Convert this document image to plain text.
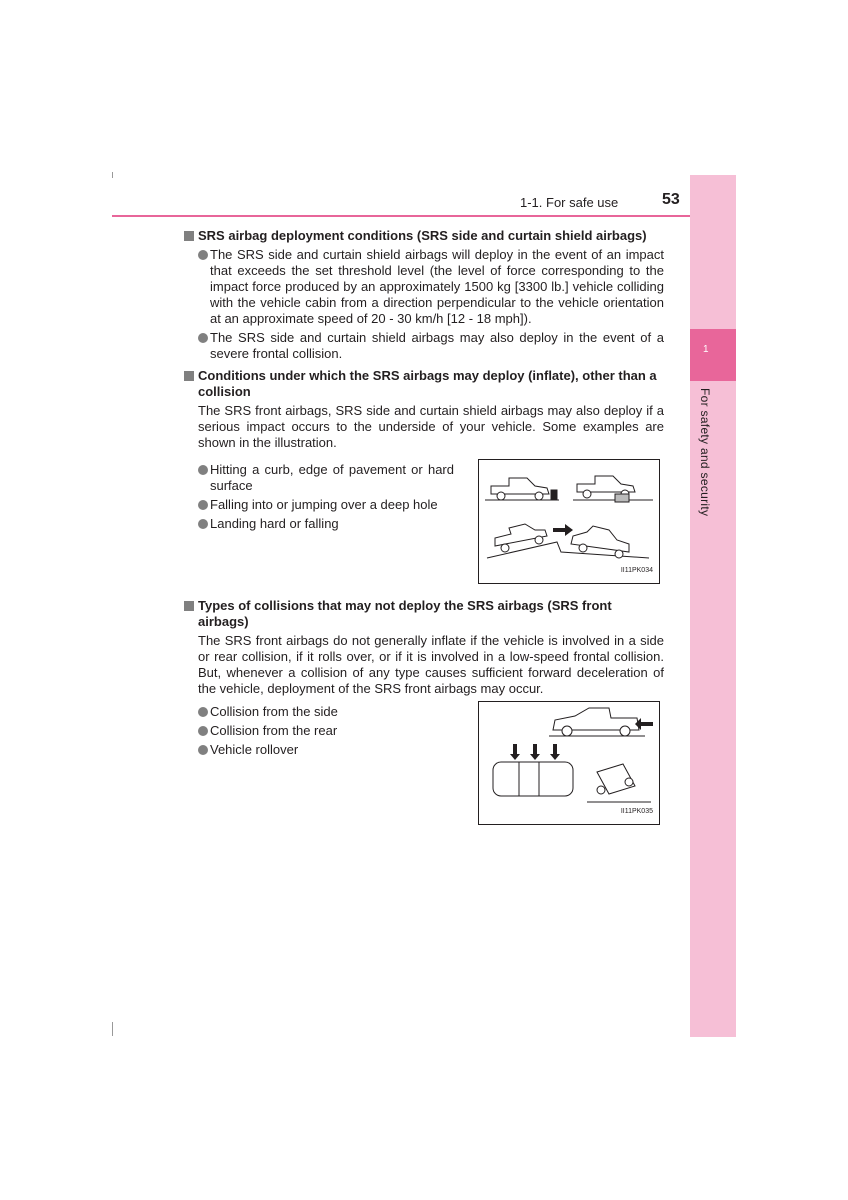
1
For safety and security
1-1. For safe use	53
SRS airbag deployment conditions (SRS side and curtain shield airbags)
The SRS side and curtain shield airbags will deploy in the event of an impact that exceeds the set threshold level (the level of force corresponding to the impact force produced by an approximately 1500 kg [3300 lb.] vehicle colliding with the vehicle cabin from a direction perpendicular to the vehicle orientation at an approximate speed of 20 - 30 km/h [12 - 18 mph]).
The SRS side and curtain shield airbags may also deploy in the event of a severe frontal collision.
Conditions under which the SRS airbags may deploy (inflate), other than a collision
The SRS front airbags, SRS side and curtain shield airbags may also deploy if a serious impact occurs to the underside of your vehicle. Some examples are shown in the illustration.
Hitting a curb, edge of pavement or hard surface
Falling into or jumping over a deep hole
Landing hard or falling
II11PK034
Types of collisions that may not deploy the SRS airbags (SRS front airbags)
The SRS front airbags do not generally inflate if the vehicle is involved in a side or rear collision, if it rolls over, or if it is involved in a low-speed frontal collision. But, whenever a collision of any type causes sufficient forward deceleration of the vehicle, deployment of the SRS front airbags may occur.
Collision from the side
Collision from the rear
Vehicle rollover
II11PK035
